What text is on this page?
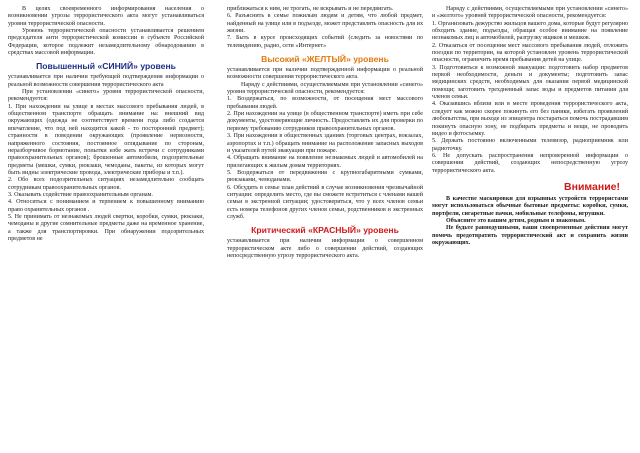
В целях своевременного информирования населения о возникновении угрозы террористического акта могут устанавливаться уровни террористической опасности.

Уровень террористической опасности устанавливается решением председателя анти террористической комиссии в субъекте Российской Федерации, которое подлежит незамедлительному обнародованию в средствах массовой информации.

Повышенный «СИНИЙ» уровень

устанавливается при наличии требующей подтверждения информации о реальной возможности совершения террористического акта

При установлении «синего» уровня террористической опасности, рекомендуется:

1. При нахождении на улице в местах массового пребывания людей, в общественном транспорте обращать внимание на: внешний вид окружающих (одежда не соответствует времени года либо создается впечатление, что под ней находится какой - то посторонний предмет); странности в поведении окружающих (проявление нервозности, напряженного состояния, постоянное оглядывание по сторонам, неразборчивое бормотание, попытки избе жать встречи с сотрудниками правоохранительных органов); брошенные автомобили, подозрительные предметы (мешки, сумки, рюкзаки, чемоданы, пакеты, из которых могут быть видны электрические провода, электрические приборы и т.п.).

2. Обо всех подозрительных ситуациях незамедлительно сообщать сотрудникам правоохранительных органов.

3. Оказывать содействие правоохранительным органам.

4. Относиться с пониманием и терпением к повышенному вниманию право охранительных органов .

5. Не принимать от незнакомых людей свертки, коробки, сумки, рюкзаки, чемоданы и другие сомнительные предметы даже на временное хранение, а также для транспортировки. При обнаружении подозрительных предметов не

приближаться к ним, не трогать, не вскрывать и не передвигать.

6. Разъяснить в семье пожилым людям и детям, что любой предмет, найденный на улице или в подъезде, может представлять опасность для их жизни.

7. Быть в курсе происходящих событий (следить за новостями по телевидению, радио, сети «Интернет»

Высокий «ЖЕЛТЫЙ» уровень

устанавливается при наличии подтвержденной информации о реальной возможности совершения террористического акта.

Наряду с действиями, осуществляемыми при установлении «синего» уровня террористической опасности, рекомендуется:

1. Воздержаться, по возможности, от посещения мест массового пребывания людей.

2. При нахождении на улице (в общественном транспорте) иметь при себе документы, удостоверяющие личность. Предоставлять их для проверки по первому требованию сотрудников правоохранительных органов.

3. При нахождении в общественных зданиях (торговых центрах, вокзалах, аэропортах и т.п.) обращать внимание на расположение запасных выходов и указателей путей эвакуации при пожаре.

4. Обращать внимание на появление незнакомых людей и автомобилей на прилегающих к жилым домам территориях.

5. Воздержаться от передвижения с крупногабаритными сумками, рюкзаками, чемоданами.

6. Обсудить в семье план действий в случае возникновения чрезвычайной ситуации: определить место, где вы сможете встретиться с членами вашей семьи в экстренной ситуации; удостовериться, что у всех членов семьи есть номера телефонов других членов семьи, родственников и экстренных служб.

Критический «КРАСНЫЙ» уровень

устанавливается при наличии информации о совершенном террористическом акте либо о совершении действий, создающих непосредственную угрозу террористического акта.

Наряду с действиями, осуществляемыми при установлении «синего» и «желтого» уровней террористической опасности, рекомендуется:

1. Организовать дежурство жильцов вашего дома, которые будут регулярно обходить здание, подъезды, обращая особое внимание на появление незнакомых лиц и автомобилей, разгрузку ящиков и мешков.

2. Отказаться от посещения мест массового пребывания людей, отложить поездки по территории, на которой установлен уровень террористической опасности, ограничить время пребывания детей на улице.

3. Подготовиться к возможной эвакуации: подготовить набор предметов первой необходимости, деньги и документы; подготовить запас медицинских средств, необходимых для оказания первой медицинской помощи; заготовить трехдневный запас воды и предметов питания для членов семьи.

4. Оказавшись вблизи или в месте проведения террористического акта, следует как можно скорее покинуть его без паники, избегать проявлений любопытства, при выходе из эпицентра постараться помочь пострадавшим покинуть опасную зону, не подбирать предметы и вещи, не проводить видео и фотосъемку.

5. Держать постоянно включенными телевизор, радиоприемник или радиоточку.

6. Не допускать распространения непроверенной информации о совершении действий, создающих непосредственную угрозу террористического акта.

Внимание!

В качестве маскировки для взрывных устройств террористами могут использоваться обычные бытовые предметы: коробки, сумки, портфели, сигаретные пачки, мобильные телефоны, игрушки.

Объясните это вашим детям, родным и знакомым.

Не будьте равнодушными, ваши своевременные действия могут помочь предотвратить террористический акт и сохранить жизни окружающих.
